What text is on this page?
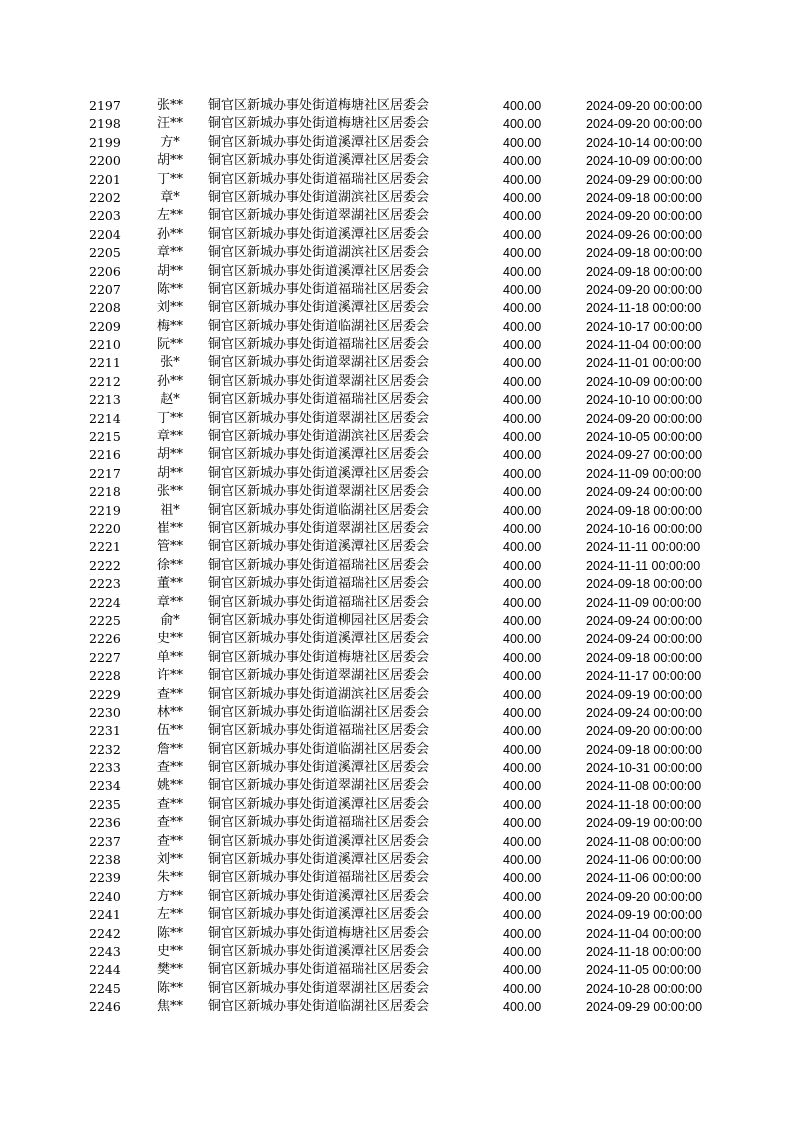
2197	张**	铜官区新城办事处街道梅塘社区居委会	400.00	2024-09-20 00:00:00
2198	汪**	铜官区新城办事处街道梅塘社区居委会	400.00	2024-09-20 00:00:00
2199	方*	铜官区新城办事处街道溪潭社区居委会	400.00	2024-10-14 00:00:00
2200	胡**	铜官区新城办事处街道溪潭社区居委会	400.00	2024-10-09 00:00:00
2201	丁**	铜官区新城办事处街道福瑞社区居委会	400.00	2024-09-29 00:00:00
2202	章*	铜官区新城办事处街道湖滨社区居委会	400.00	2024-09-18 00:00:00
2203	左**	铜官区新城办事处街道翠湖社区居委会	400.00	2024-09-20 00:00:00
2204	孙**	铜官区新城办事处街道溪潭社区居委会	400.00	2024-09-26 00:00:00
2205	章**	铜官区新城办事处街道湖滨社区居委会	400.00	2024-09-18 00:00:00
2206	胡**	铜官区新城办事处街道溪潭社区居委会	400.00	2024-09-18 00:00:00
2207	陈**	铜官区新城办事处街道福瑞社区居委会	400.00	2024-09-20 00:00:00
2208	刘**	铜官区新城办事处街道溪潭社区居委会	400.00	2024-11-18 00:00:00
2209	梅**	铜官区新城办事处街道临湖社区居委会	400.00	2024-10-17 00:00:00
2210	阮**	铜官区新城办事处街道福瑞社区居委会	400.00	2024-11-04 00:00:00
2211	张*	铜官区新城办事处街道翠湖社区居委会	400.00	2024-11-01 00:00:00
2212	孙**	铜官区新城办事处街道翠湖社区居委会	400.00	2024-10-09 00:00:00
2213	赵*	铜官区新城办事处街道福瑞社区居委会	400.00	2024-10-10 00:00:00
2214	丁**	铜官区新城办事处街道翠湖社区居委会	400.00	2024-09-20 00:00:00
2215	章**	铜官区新城办事处街道湖滨社区居委会	400.00	2024-10-05 00:00:00
2216	胡**	铜官区新城办事处街道溪潭社区居委会	400.00	2024-09-27 00:00:00
2217	胡**	铜官区新城办事处街道溪潭社区居委会	400.00	2024-11-09 00:00:00
2218	张**	铜官区新城办事处街道翠湖社区居委会	400.00	2024-09-24 00:00:00
2219	祖*	铜官区新城办事处街道临湖社区居委会	400.00	2024-09-18 00:00:00
2220	崔**	铜官区新城办事处街道翠湖社区居委会	400.00	2024-10-16 00:00:00
2221	管**	铜官区新城办事处街道溪潭社区居委会	400.00	2024-11-11 00:00:00
2222	徐**	铜官区新城办事处街道福瑞社区居委会	400.00	2024-11-11 00:00:00
2223	董**	铜官区新城办事处街道福瑞社区居委会	400.00	2024-09-18 00:00:00
2224	章**	铜官区新城办事处街道福瑞社区居委会	400.00	2024-11-09 00:00:00
2225	俞*	铜官区新城办事处街道柳园社区居委会	400.00	2024-09-24 00:00:00
2226	史**	铜官区新城办事处街道溪潭社区居委会	400.00	2024-09-24 00:00:00
2227	单**	铜官区新城办事处街道梅塘社区居委会	400.00	2024-09-18 00:00:00
2228	许**	铜官区新城办事处街道翠湖社区居委会	400.00	2024-11-17 00:00:00
2229	查**	铜官区新城办事处街道湖滨社区居委会	400.00	2024-09-19 00:00:00
2230	林**	铜官区新城办事处街道临湖社区居委会	400.00	2024-09-24 00:00:00
2231	伍**	铜官区新城办事处街道福瑞社区居委会	400.00	2024-09-20 00:00:00
2232	詹**	铜官区新城办事处街道临湖社区居委会	400.00	2024-09-18 00:00:00
2233	查**	铜官区新城办事处街道溪潭社区居委会	400.00	2024-10-31 00:00:00
2234	姚**	铜官区新城办事处街道翠湖社区居委会	400.00	2024-11-08 00:00:00
2235	查**	铜官区新城办事处街道溪潭社区居委会	400.00	2024-11-18 00:00:00
2236	查**	铜官区新城办事处街道福瑞社区居委会	400.00	2024-09-19 00:00:00
2237	查**	铜官区新城办事处街道溪潭社区居委会	400.00	2024-11-08 00:00:00
2238	刘**	铜官区新城办事处街道溪潭社区居委会	400.00	2024-11-06 00:00:00
2239	朱**	铜官区新城办事处街道福瑞社区居委会	400.00	2024-11-06 00:00:00
2240	方**	铜官区新城办事处街道溪潭社区居委会	400.00	2024-09-20 00:00:00
2241	左**	铜官区新城办事处街道溪潭社区居委会	400.00	2024-09-19 00:00:00
2242	陈**	铜官区新城办事处街道梅塘社区居委会	400.00	2024-11-04 00:00:00
2243	史**	铜官区新城办事处街道溪潭社区居委会	400.00	2024-11-18 00:00:00
2244	樊**	铜官区新城办事处街道福瑞社区居委会	400.00	2024-11-05 00:00:00
2245	陈**	铜官区新城办事处街道翠湖社区居委会	400.00	2024-10-28 00:00:00
2246	焦**	铜官区新城办事处街道临湖社区居委会	400.00	2024-09-29 00:00:00
